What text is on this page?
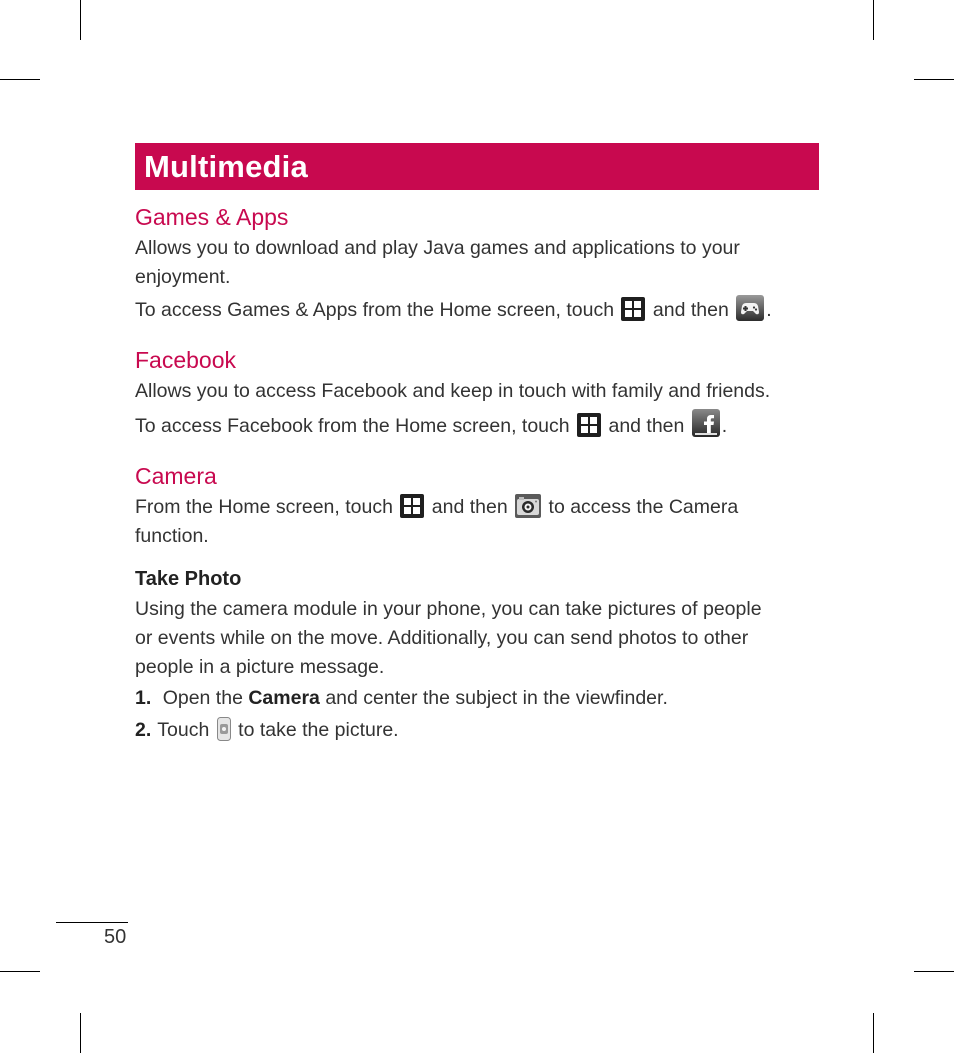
Multimedia
Games & Apps

Allows you to download and play Java games and applications to your

enjoyment.

To access Games & Apps from the Home screen, touch and then .

Facebook

Allows you to access Facebook and keep in touch with family and friends.

To access Facebook from the Home screen, touch and then .

Camera

From the Home screen, touch and then to access the Camera

function.

Take Photo

Using the camera module in your phone, you can take pictures of people

or events while on the move. Additionally, you can send photos to other

people in a picture message.

1. Open the Camera and center the subject in the viewfinder.

2. Touch to take the picture.

50
